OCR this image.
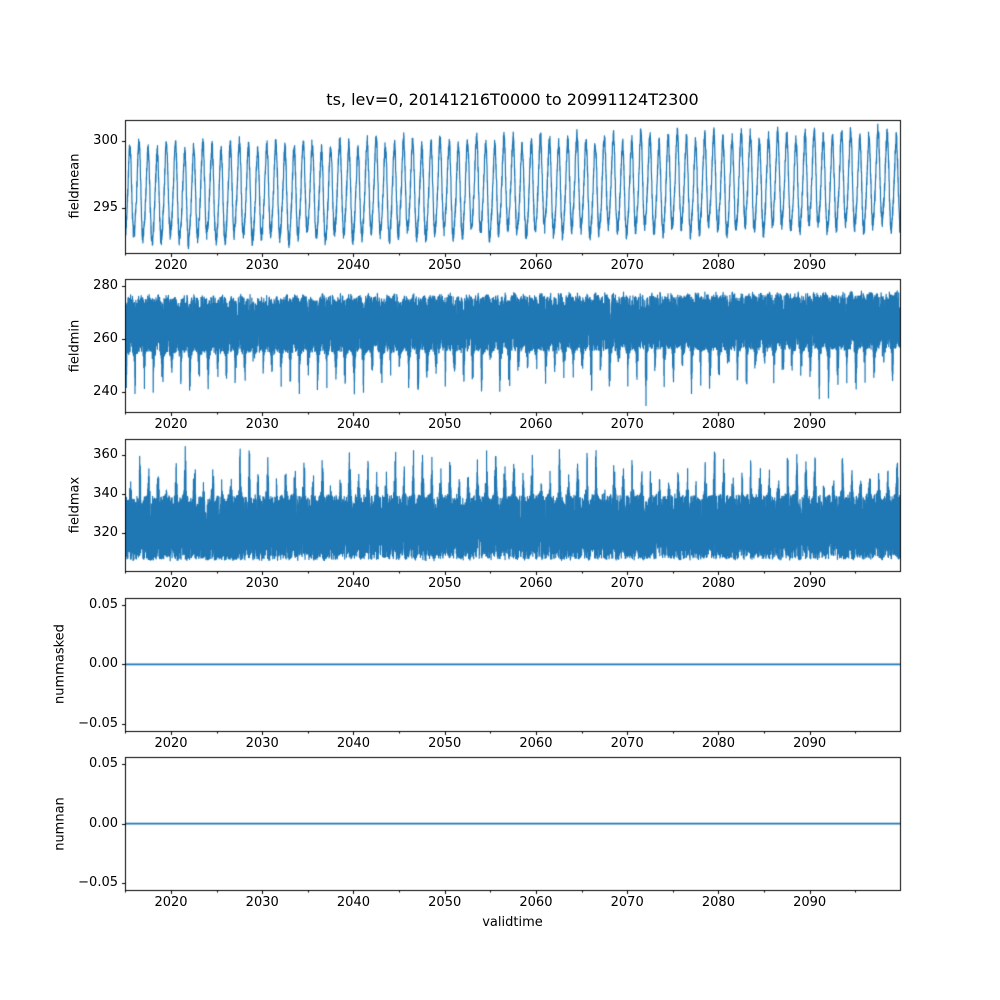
ts, lev=0, 20141216T0000 to 20991124T2300
fieldmean
fieldmin
fieldmax
nummasked
numnan
validtime
2020	2030	2040	2050	2060	2070	2080	2090
295
300
2020	2030	2040	2050	2060	2070	2080	2090
240
260
280
2020	2030	2040	2050	2060	2070	2080	2090
320
340
360
2020	2030	2040	2050	2060	2070	2080	2090
−0.05
0.00
0.05
2020	2030	2040	2050	2060	2070	2080	2090
−0.05
0.00
0.05
